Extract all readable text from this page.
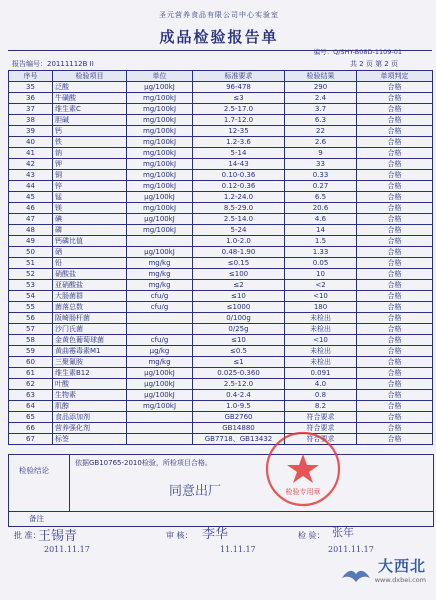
圣元营养食品有限公司中心实验室
成品检验报告单
编号：Q/SHY-B08D-1109-01
报告编号：20111112B II	共 2 页 第 2 页
序号	检验项目	单位	标准要求	检验结果	单项判定
35	泛酸	μg/100kJ	96-478	290	合格
36	牛磺酸	mg/100kJ	≤3	2.4	合格
37	维生素C	mg/100kJ	2.5-17.0	3.7	合格
38	胆碱	mg/100kJ	1.7-12.0	6.3	合格
39	钙	mg/100kJ	12-35	22	合格
40	铁	mg/100kJ	1.2-3.6	2.6	合格
41	钠	mg/100kJ	5-14	9	合格
42	钾	mg/100kJ	14-43	33	合格
43	铜	mg/100kJ	0.10-0.36	0.33	合格
44	锌	mg/100kJ	0.12-0.36	0.27	合格
45	锰	μg/100kJ	1.2-24.0	6.5	合格
46	镁	mg/100kJ	8.5-29.0	20.6	合格
47	碘	μg/100kJ	2.5-14.0	4.6	合格
48	磷	mg/100kJ	5-24	14	合格
49	钙磷比值		1.0-2.0	1.5	合格
50	硒	μg/100kJ	0.48-1.90	1.33	合格
51	铅	mg/kg	≤0.15	0.05	合格
52	硝酸盐	mg/kg	≤100	10	合格
53	亚硝酸盐	mg/kg	≤2	<2	合格
54	大肠菌群	cfu/g	≤10	<10	合格
55	菌落总数	cfu/g	≤1000	180	合格
56	阪崎肠杆菌		0/100g	未检出	合格
57	沙门氏菌		0/25g	未检出	合格
58	金黄色葡萄球菌	cfu/g	≤10	<10	合格
59	黄曲霉毒素M1	μg/kg	≤0.5	未检出	合格
60	三聚氰胺	mg/kg	≤1	未检出	合格
61	维生素B12	μg/100kJ	0.025-0.360	0.091	合格
62	叶酸	μg/100kJ	2.5-12.0	4.0	合格
63	生物素	μg/100kJ	0.4-2.4	0.8	合格
64	肌醇	mg/100kJ	1.0-9.5	8.2	合格
65	食品添加剂		GB2760	符合要求	合格
66	营养强化剂		GB14880	符合要求	合格
67	标签		GB7718、GB13432	符合要求	合格
检验结论
依据GB10765-2010检验，所检项目合格。
同意出厂
备注
批 准：
王锡青
2011.11.17
审 核： 李华
11.11.17
检 验： 张年
2011.11.17
检验专用章
大西北
www.dxbei.com
